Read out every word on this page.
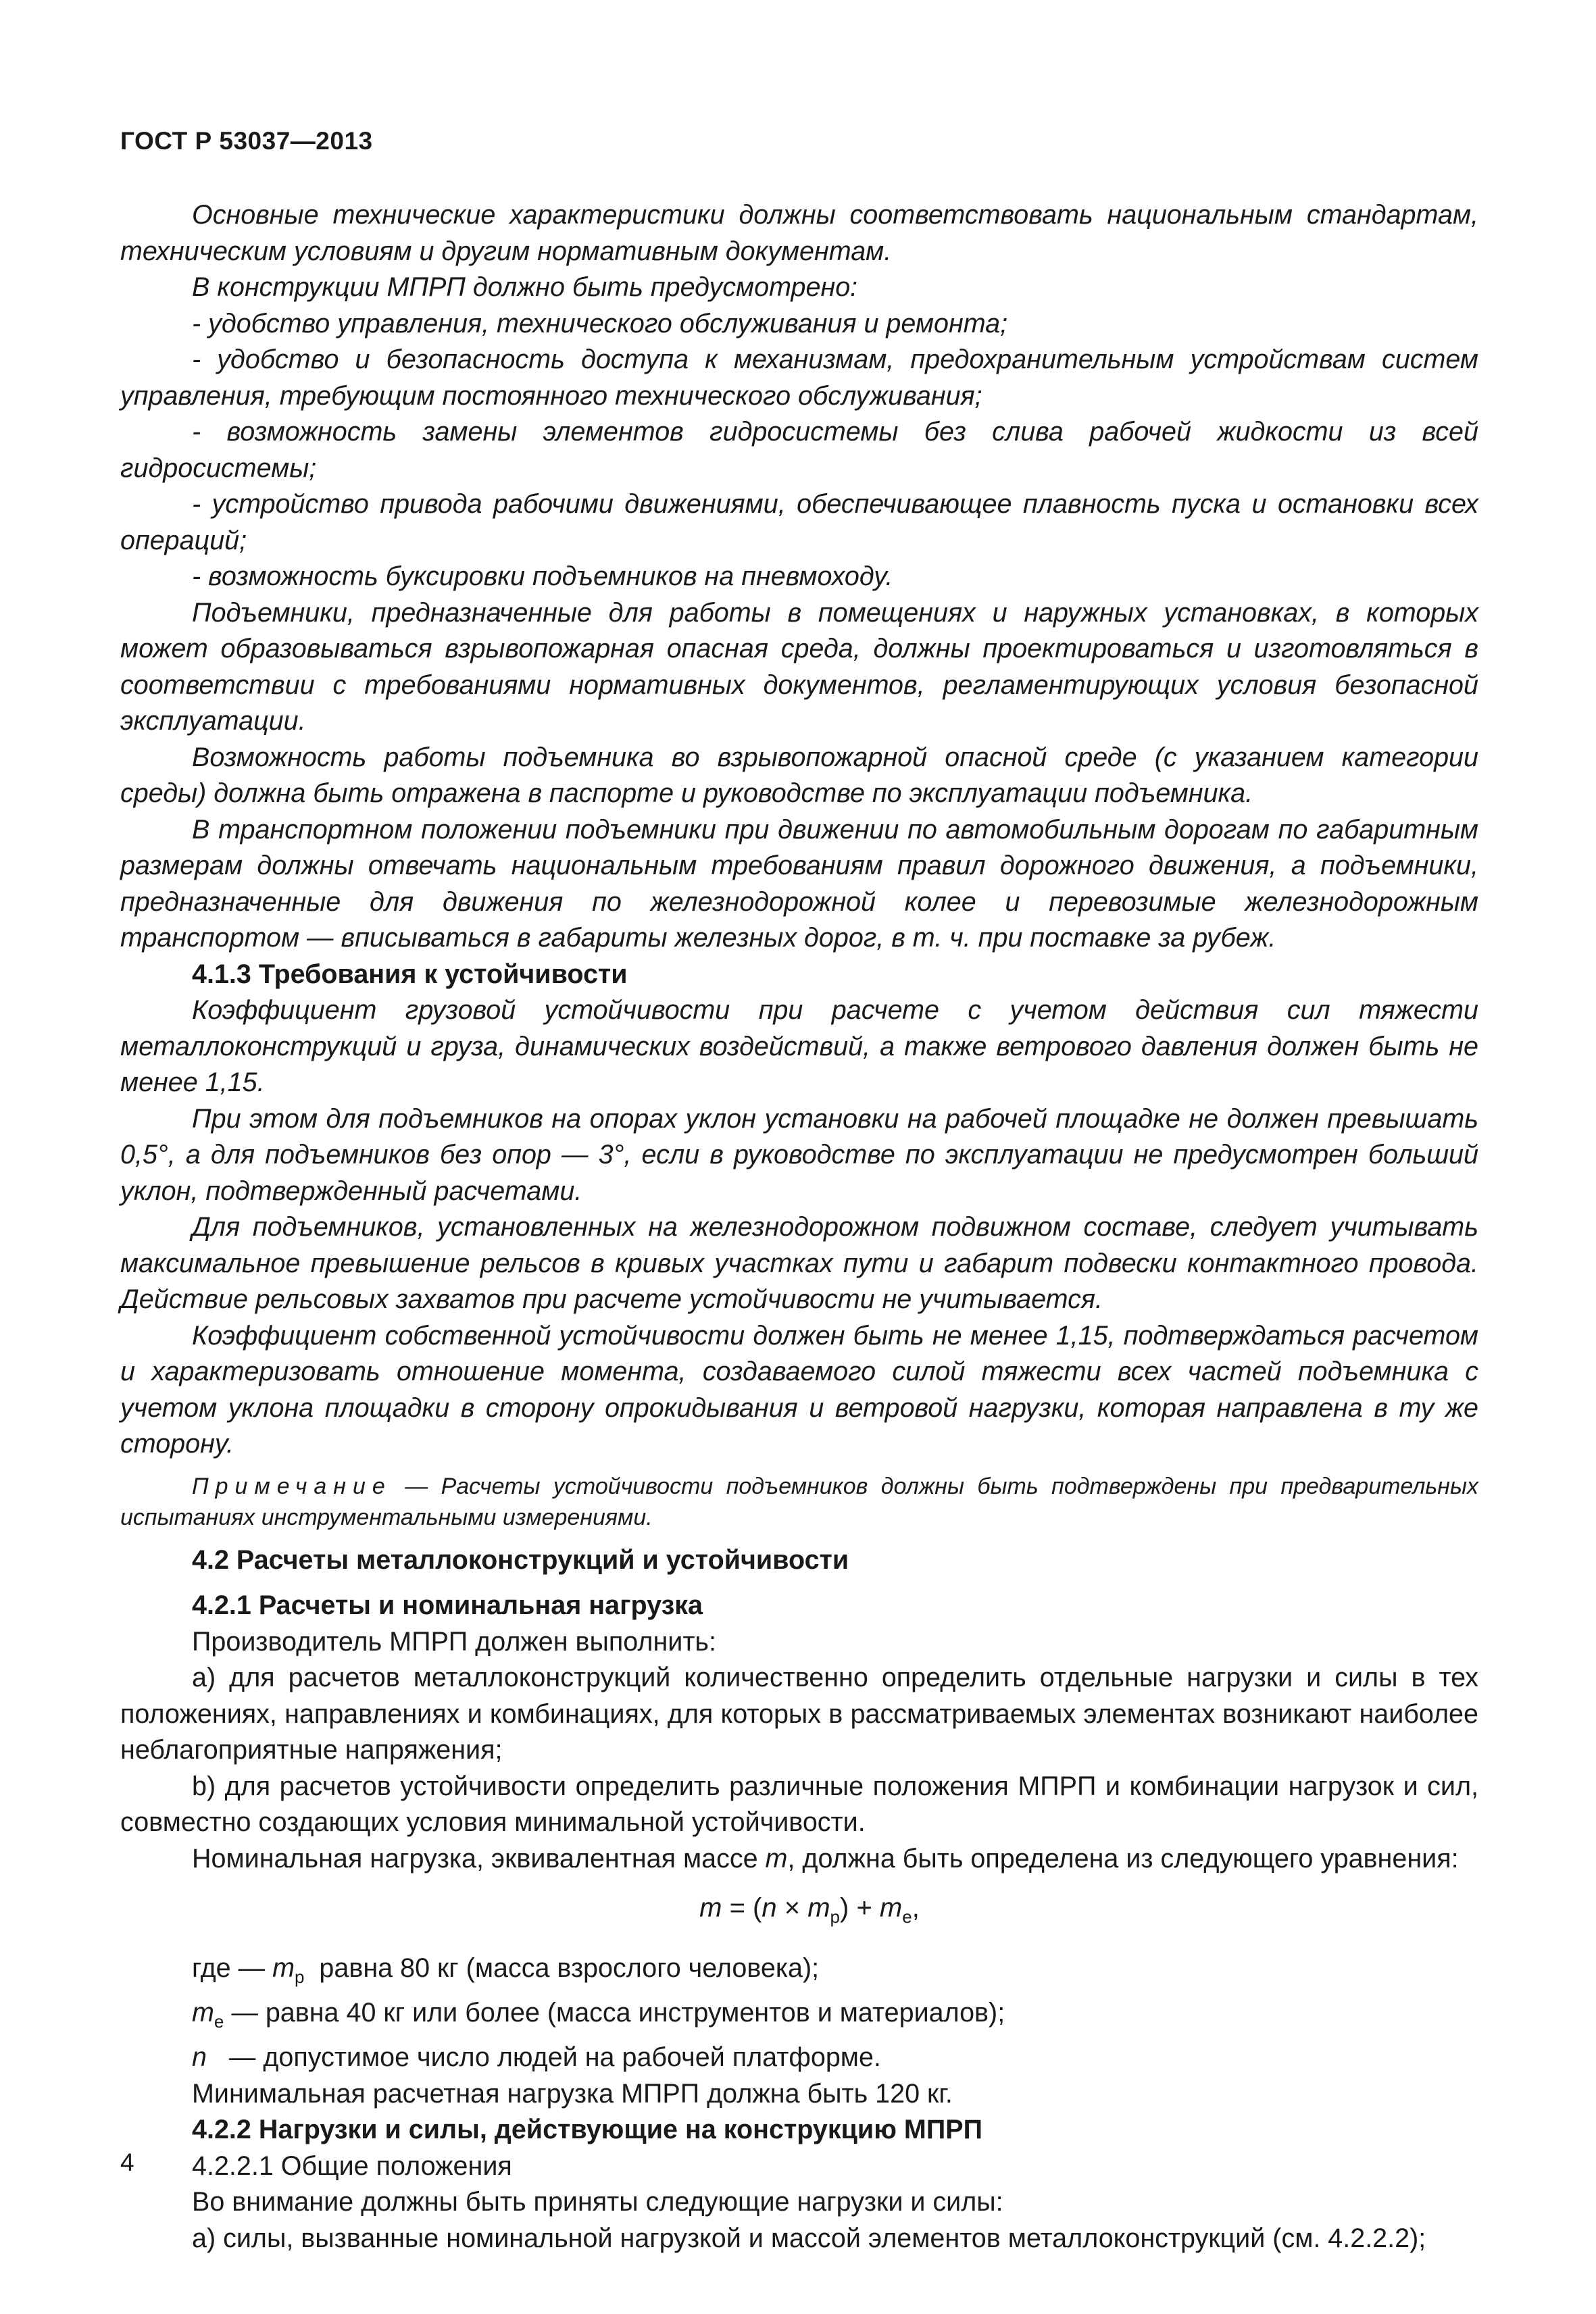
ГОСТ Р 53037—2013

Основные технические характеристики должны соответствовать национальным стандартам, техническим условиям и другим нормативным документам.

В конструкции МПРП должно быть предусмотрено:

- удобство управления, технического обслуживания и ремонта;

- удобство и безопасность доступа к механизмам, предохранительным устройствам систем управления, требующим постоянного технического обслуживания;

- возможность замены элементов гидросистемы без слива рабочей жидкости из всей гидросистемы;

- устройство привода рабочими движениями, обеспечивающее плавность пуска и остановки всех операций;

- возможность буксировки подъемников на пневмоходу.

Подъемники, предназначенные для работы в помещениях и наружных установках, в которых может образовываться взрывопожарная опасная среда, должны проектироваться и изготовляться в соответствии с требованиями нормативных документов, регламентирующих условия безопасной эксплуатации.

Возможность работы подъемника во взрывопожарной опасной среде (с указанием категории среды) должна быть отражена в паспорте и руководстве по эксплуатации подъемника.

В транспортном положении подъемники при движении по автомобильным дорогам по габаритным размерам должны отвечать национальным требованиям правил дорожного движения, а подъемники, предназначенные для движения по железнодорожной колее и перевозимые железнодорожным транспортом — вписываться в габариты железных дорог, в т. ч. при поставке за рубеж.

4.1.3 Требования к устойчивости

Коэффициент грузовой устойчивости при расчете с учетом действия сил тяжести металлоконструкций и груза, динамических воздействий, а также ветрового давления должен быть не менее 1,15.

При этом для подъемников на опорах уклон установки на рабочей площадке не должен превышать 0,5°, а для подъемников без опор — 3°, если в руководстве по эксплуатации не предусмотрен больший уклон, подтвержденный расчетами.

Для подъемников, установленных на железнодорожном подвижном составе, следует учитывать максимальное превышение рельсов в кривых участках пути и габарит подвески контактного провода. Действие рельсовых захватов при расчете устойчивости не учитывается.

Коэффициент собственной устойчивости должен быть не менее 1,15, подтверждаться расчетом и характеризовать отношение момента, создаваемого силой тяжести всех частей подъемника с учетом уклона площадки в сторону опрокидывания и ветровой нагрузки, которая направлена в ту же сторону.

Примечание — Расчеты устойчивости подъемников должны быть подтверждены при предварительных испытаниях инструментальными измерениями.

4.2 Расчеты металлоконструкций и устойчивости

4.2.1 Расчеты и номинальная нагрузка

Производитель МПРП должен выполнить:

a) для расчетов металлоконструкций количественно определить отдельные нагрузки и силы в тех положениях, направлениях и комбинациях, для которых в рассматриваемых элементах возникают наиболее неблагоприятные напряжения;

b) для расчетов устойчивости определить различные положения МПРП и комбинации нагрузок и сил, совместно создающих условия минимальной устойчивости.

Номинальная нагрузка, эквивалентная массе m, должна быть определена из следующего уравнения:

$m = (n \times m_p) + m_e$,

где — $m_p$  равна 80 кг (масса взрослого человека);

$m_e$ — равна 40 кг или более (масса инструментов и материалов);

n   — допустимое число людей на рабочей платформе.

Минимальная расчетная нагрузка МПРП должна быть 120 кг.

4.2.2 Нагрузки и силы, действующие на конструкцию МПРП

4.2.2.1 Общие положения

Во внимание должны быть приняты следующие нагрузки и силы:

a) силы, вызванные номинальной нагрузкой и массой элементов металлоконструкций (см. 4.2.2.2);

4
